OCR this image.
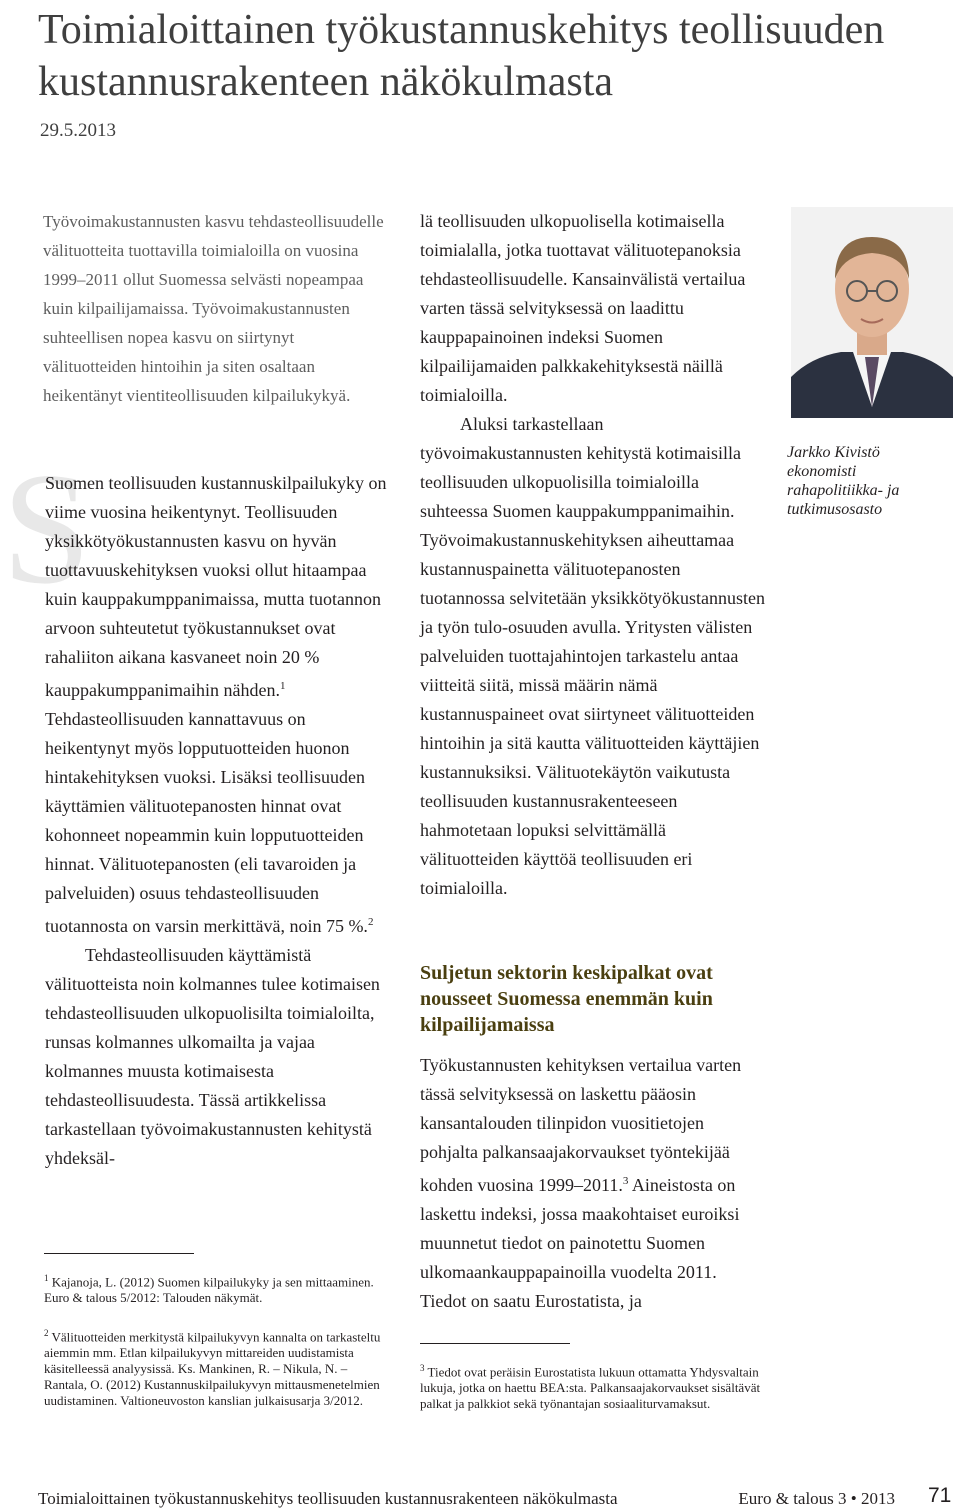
Toimialoittainen työkustannuskehitys teollisuuden kustannusrakenteen näkökulmasta
29.5.2013

Työvoimakustannusten kasvu tehdasteollisuudelle välituotteita tuottavilla toimialoilla on vuosina 1999–2011 ollut Suomessa selvästi nopeampaa kuin kilpailijamaissa. Työvoimakustannusten suhteellisen nopea kasvu on siirtynyt välituotteiden hintoihin ja siten osaltaan heikentänyt vientiteollisuuden kilpailukykyä.

S

Suomen teollisuuden kustannuskilpailukyky on viime vuosina heikentynyt. Teollisuuden yksikkötyökustannusten kasvu on hyvän tuottavuuskehityksen vuoksi ollut hitaampaa kuin kauppakumppanimaissa, mutta tuotannon arvoon suhteutetut työkustannukset ovat rahaliiton aikana kasvaneet noin 20 % kauppakumppanimaihin nähden.$^1$ Tehdasteollisuuden kannattavuus on heikentynyt myös lopputuotteiden huonon hintakehityksen vuoksi. Lisäksi teollisuuden käyttämien välituotepanosten hinnat ovat kohonneet nopeammin kuin lopputuotteiden hinnat. Välituotepanosten (eli tavaroiden ja palveluiden) osuus tehdasteollisuuden tuotannosta on varsin merkittävä, noin 75 %.$^2$
Tehdasteollisuuden käyttämistä välituotteista noin kolmannes tulee kotimaisen tehdasteollisuuden ulkopuolisilta toimialoilta, runsas kolmannes ulkomailta ja vajaa kolmannes muusta kotimaisesta tehdasteollisuudesta. Tässä artikkelissa tarkastellaan työvoimakustannusten kehitystä yhdeksäl-

$^1$ Kajanoja, L. (2012) Suomen kilpailukyky ja sen mittaaminen. Euro & talous 5/2012: Talouden näkymät.

$^2$ Välituotteiden merkitystä kilpailukyvyn kannalta on tarkasteltu aiemmin mm. Etlan kilpailukyvyn mittareiden uudistamista käsitelleessä analyysissä. Ks. Mankinen, R. – Nikula, N. – Rantala, O. (2012) Kustannuskilpailukyvyn mittausmenetelmien uudistaminen. Valtioneuvoston kanslian julkaisusarja 3/2012.

lä teollisuuden ulkopuolisella kotimaisella toimialalla, jotka tuottavat välituotepanoksia tehdasteollisuudelle. Kansainvälistä vertailua varten tässä selvityksessä on laadittu kauppapainoinen indeksi Suomen kilpailijamaiden palkkakehityksestä näillä toimialoilla.
Aluksi tarkastellaan työvoimakustannusten kehitystä kotimaisilla teollisuuden ulkopuolisilla toimialoilla suhteessa Suomen kauppakumppanimaihin. Työvoimakustannuskehityksen aiheuttamaa kustannuspainetta välituotepanosten tuotannossa selvitetään yksikkötyökustannusten ja työn tulo-osuuden avulla. Yritysten välisten palveluiden tuottajahintojen tarkastelu antaa viitteitä siitä, missä määrin nämä kustannuspaineet ovat siirtyneet välituotteiden hintoihin ja sitä kautta välituotteiden käyttäjien kustannuksiksi. Välituotekäytön vaikutusta teollisuuden kustannusrakenteeseen hahmotetaan lopuksi selvittämällä välituotteiden käyttöä teollisuuden eri toimialoilla.

Suljetun sektorin keskipalkat ovat nousseet Suomessa enemmän kuin kilpailijamaissa

Työkustannusten kehityksen vertailua varten tässä selvityksessä on laskettu pääosin kansantalouden tilinpidon vuositietojen pohjalta palkansaajakorvaukset työntekijää kohden vuosina 1999–2011.$^3$ Aineistosta on laskettu indeksi, jossa maakohtaiset euroiksi muunnetut tiedot on painotettu Suomen ulkomaankauppapainoilla vuodelta 2011. Tiedot on saatu Eurostatista, ja

$^3$ Tiedot ovat peräisin Eurostatista lukuun ottamatta Yhdysvaltain lukuja, jotka on haettu BEA:sta. Palkansaajakorvaukset sisältävät palkat ja palkkiot sekä työnantajan sosiaaliturvamaksut.

Jarkko Kivistö
ekonomisti
rahapolitiikka- ja tutkimusosasto

Toimialoittainen työkustannuskehitys teollisuuden kustannusrakenteen näkökulmasta	Euro & talous 3 • 2013 71
